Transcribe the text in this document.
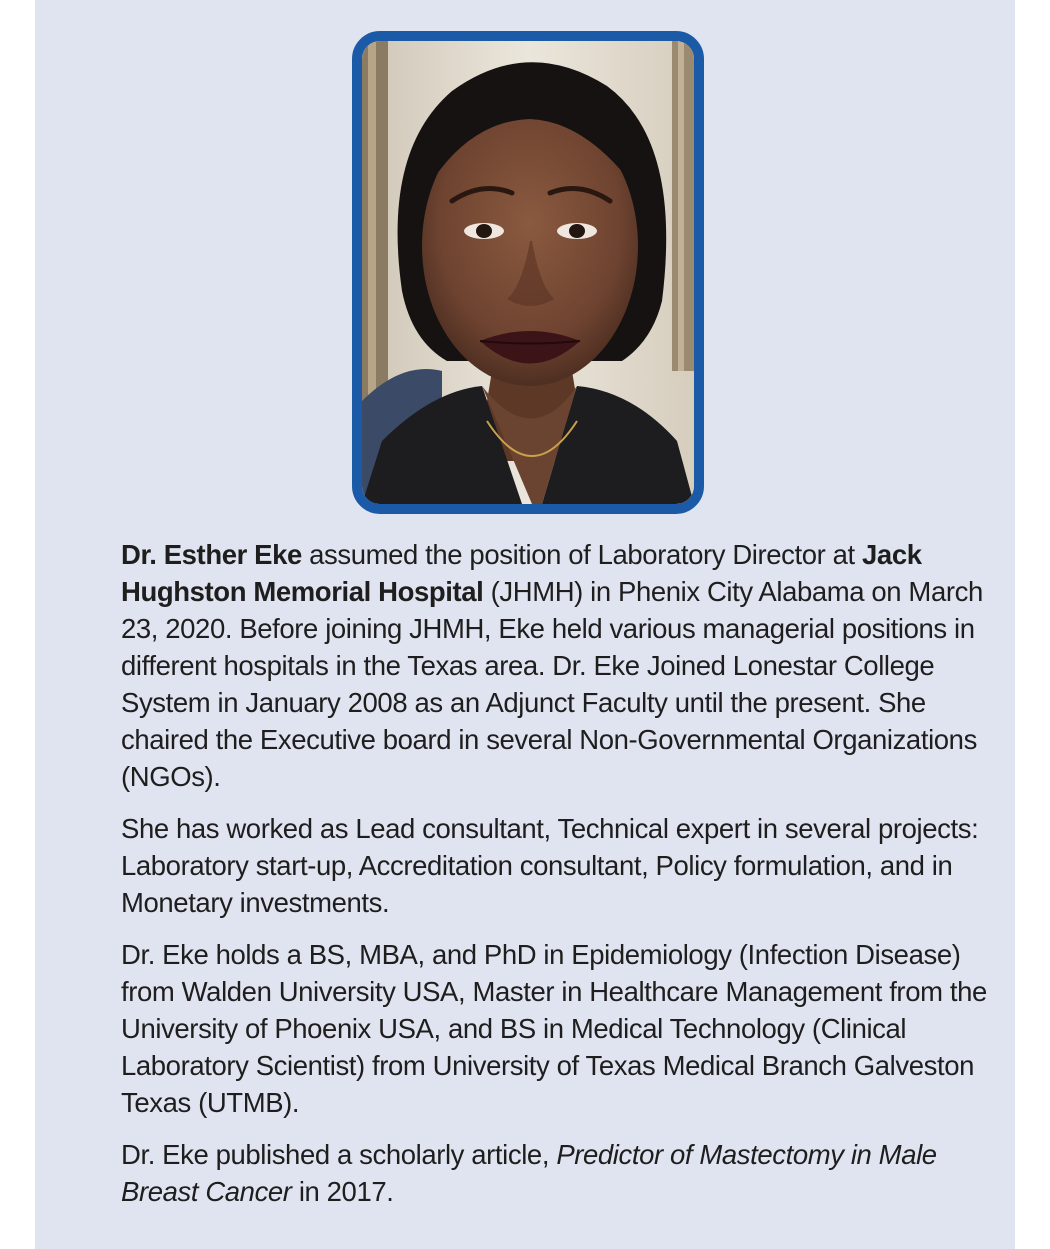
Dr. Esther Eke assumed the position of Laboratory Director at Jack Hughston Memorial Hospital (JHMH) in Phenix City Alabama on March 23, 2020. Before joining JHMH, Eke held various managerial positions in different hospitals in the Texas area. Dr. Eke Joined Lonestar College System in January 2008 as an Adjunct Faculty until the present. She chaired the Executive board in several Non-Governmental Organizations (NGOs).

She has worked as Lead consultant, Technical expert in several projects: Laboratory start-up, Accreditation consultant, Policy formulation, and in Monetary investments.

Dr. Eke holds a BS, MBA, and PhD in Epidemiology (Infection Disease) from Walden University USA, Master in Healthcare Management from the University of Phoenix USA, and BS in Medical Technology (Clinical Laboratory Scientist) from University of Texas Medical Branch Galveston Texas (UTMB).

Dr. Eke published a scholarly article, Predictor of Mastectomy in Male Breast Cancer in 2017.
